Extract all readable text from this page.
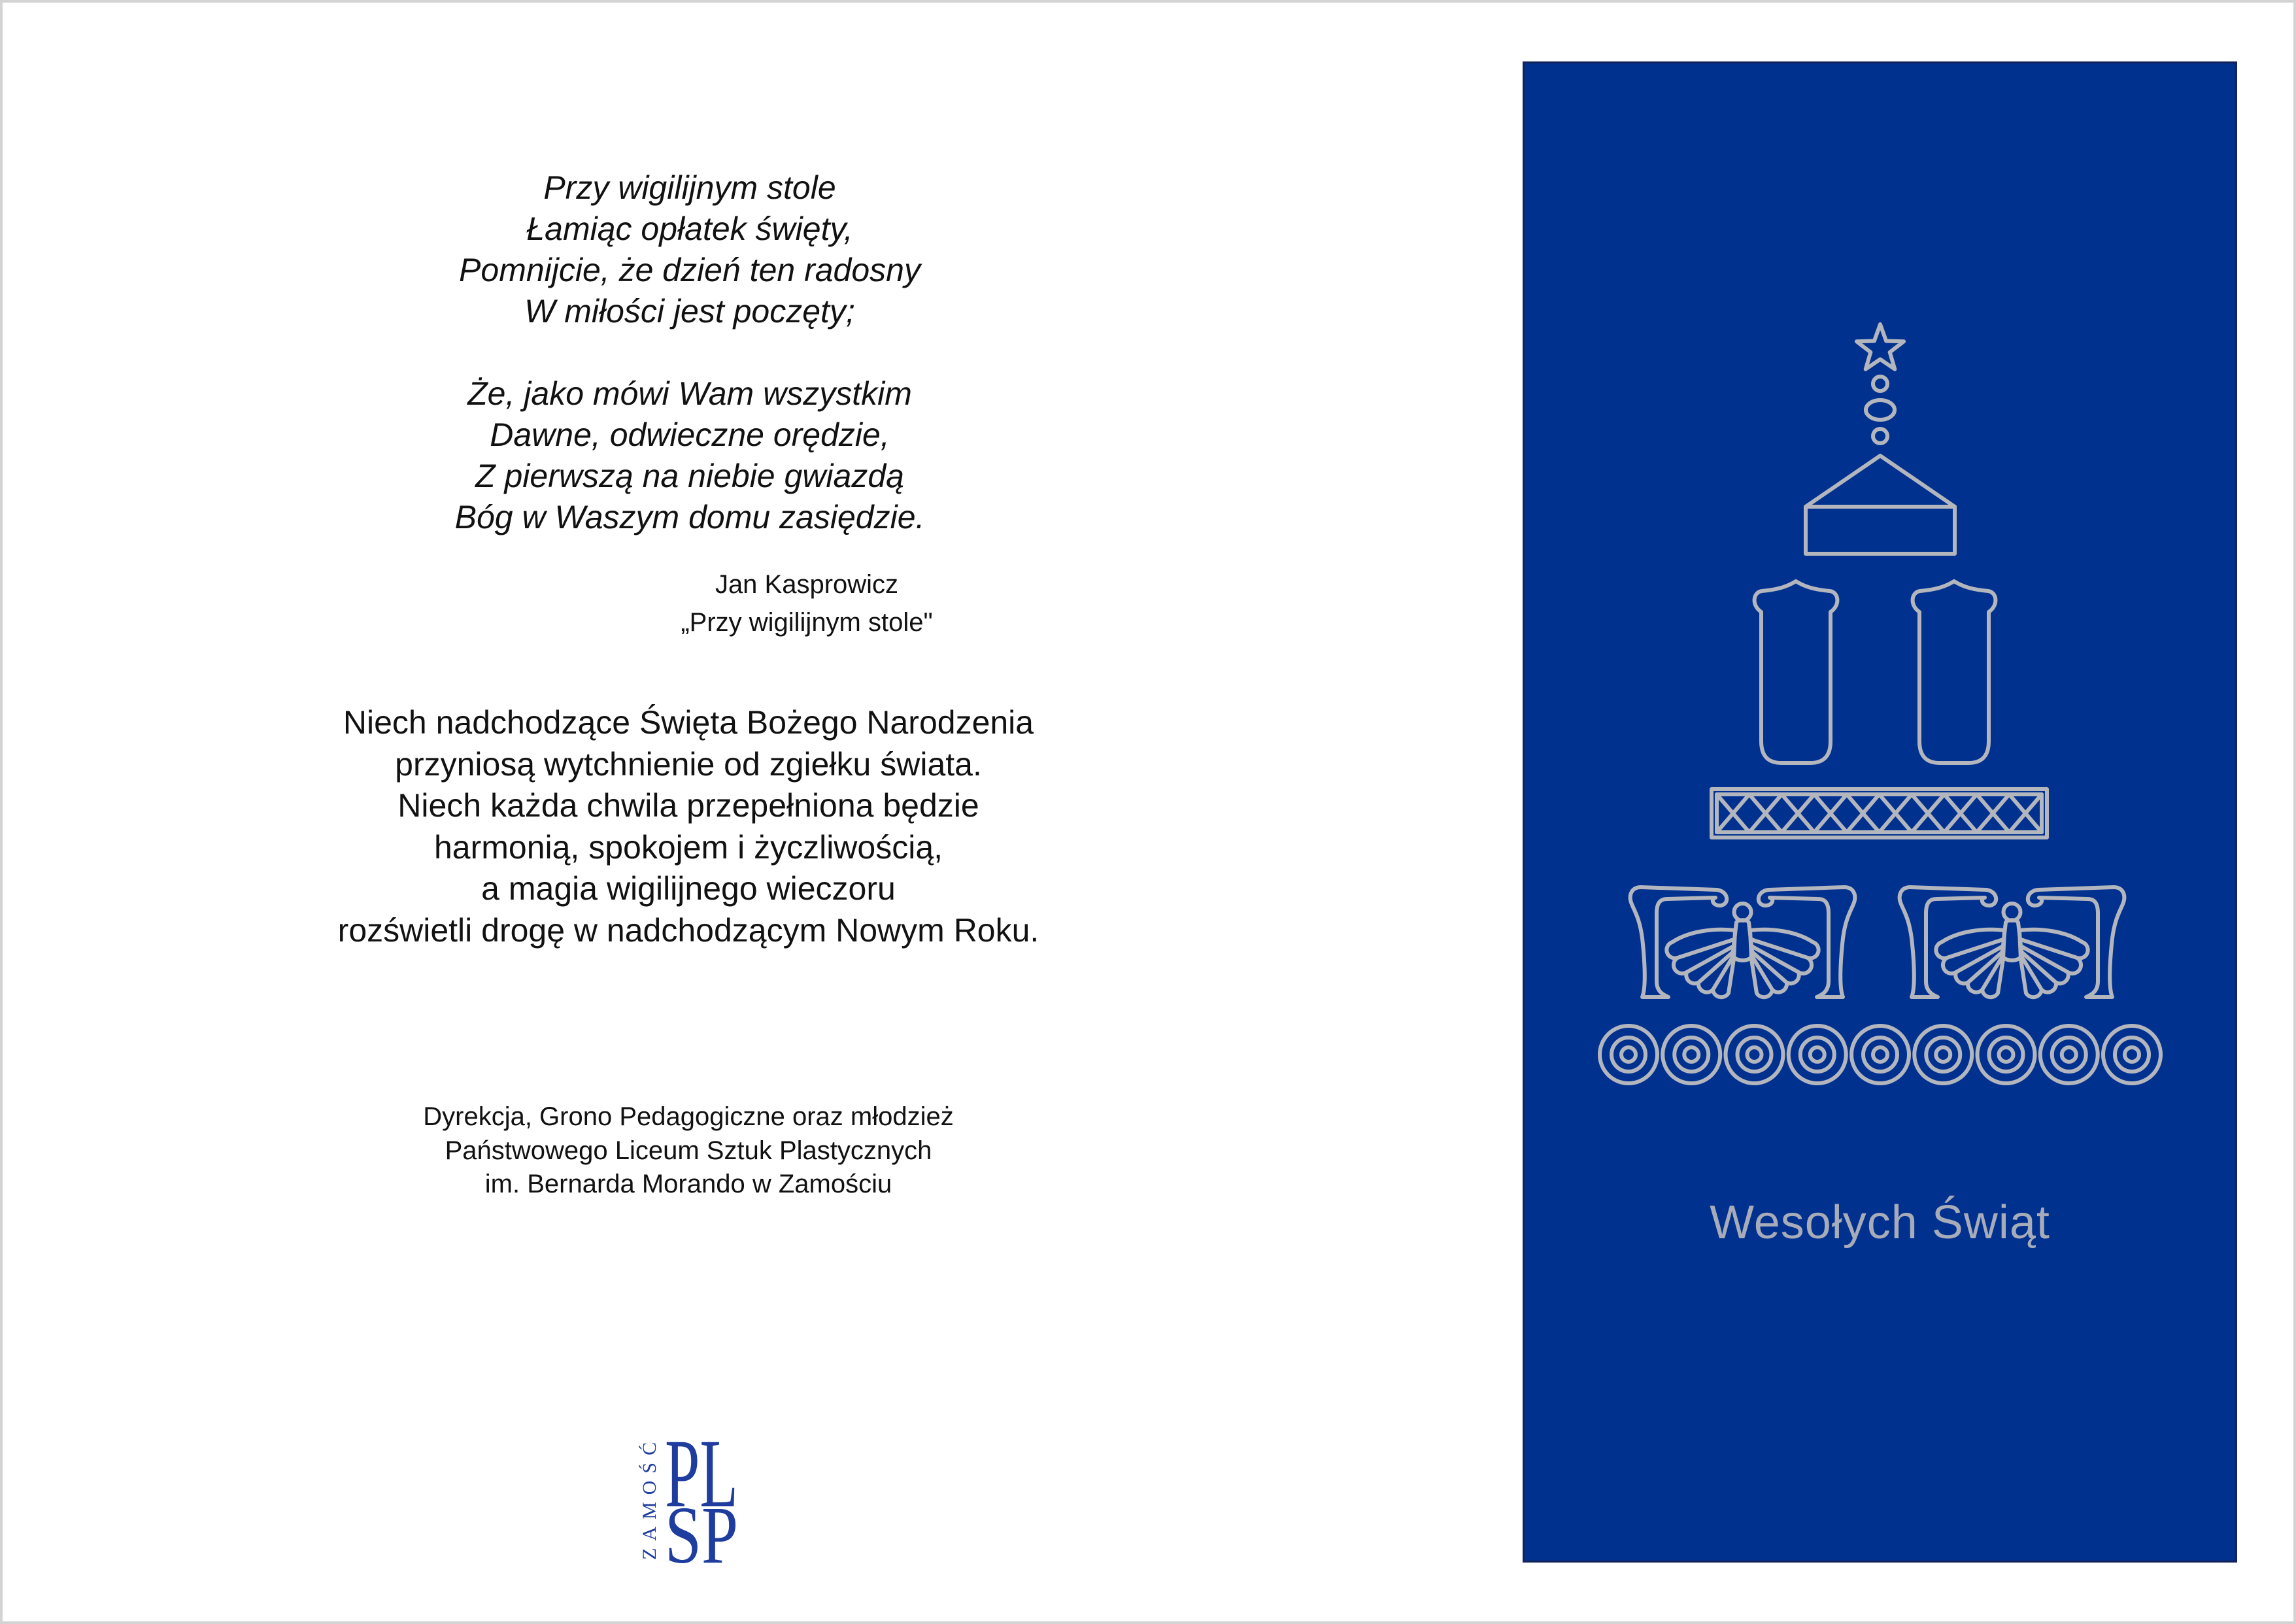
Przy wigilijnym stole
Łamiąc opłatek święty,
Pomnijcie, że dzień ten radosny
W miłości jest poczęty;
Że, jako mówi Wam wszystkim
Dawne, odwieczne orędzie,
Z pierwszą na niebie gwiazdą
Bóg w Waszym domu zasiędzie.
Jan Kasprowicz
„Przy wigilijnym stole"
Niech nadchodzące Święta Bożego Narodzenia
przyniosą wytchnienie od zgiełku świata.
Niech każda chwila przepełniona będzie
harmonią, spokojem i życzliwością,
a magia wigilijnego wieczoru
rozświetli drogę w nadchodzącym Nowym Roku.
Dyrekcja, Grono Pedagogiczne oraz młodzież
Państwowego Liceum Sztuk Plastycznych
im. Bernarda Morando w Zamościu
ZAMOŚĆ PL
SP
Wesołych Świąt
